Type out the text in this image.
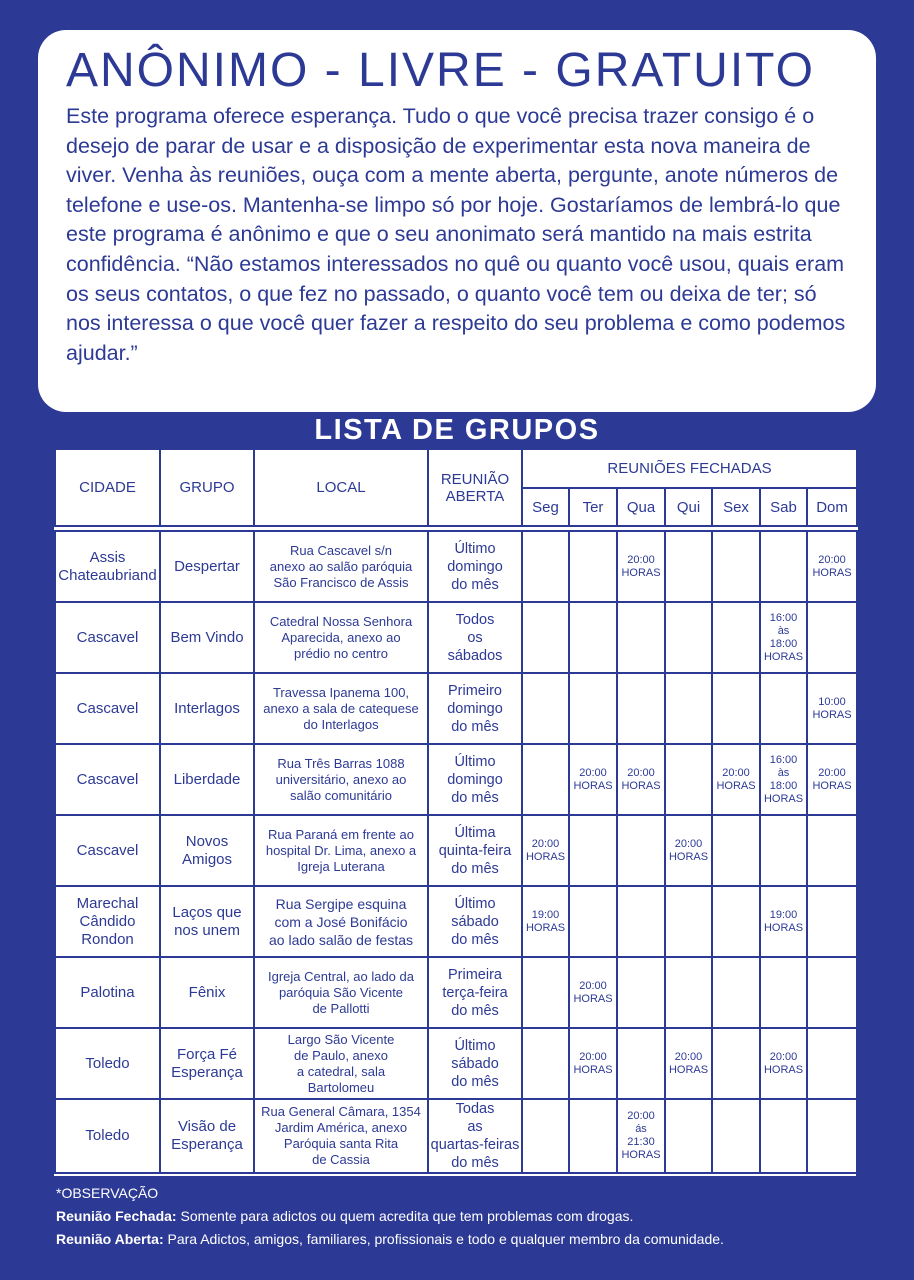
ANÔNIMO - LIVRE - GRATUITO

Este programa oferece esperança. Tudo o que você precisa trazer consigo é o desejo de parar de usar e a disposição de experimentar esta nova maneira de viver. Venha às reuniões, ouça com a mente aberta, pergunte, anote números de telefone e use-os. Mantenha-se limpo só por hoje. Gostaríamos de lembrá-lo que este programa é anônimo e que o seu anonimato será mantido na mais estrita confidência. “Não estamos interessados no quê ou quanto você usou, quais eram os seus contatos, o que fez no passado, o quanto você tem ou deixa de ter; só nos interessa o que você quer fazer a respeito do seu problema e como podemos ajudar.”

LISTA DE GRUPOS
CIDADE	GRUPO	LOCAL	REUNIÃO
ABERTA	REUNIÕES FECHADAS						
				Seg	Ter	Qua	Qui	Sex	Sab	Dom

Assis
Chateaubriand	Despertar	Rua Cascavel s/n
anexo ao salão paróquia
São Francisco de Assis	Último
domingo
do mês			20:00
HORAS				20:00
HORAS
Cascavel	Bem Vindo	Catedral Nossa Senhora
Aparecida, anexo ao
prédio no centro	Todos
os
sábados						16:00
às
18:00
HORAS	
Cascavel	Interlagos	Travessa Ipanema 100,
anexo a sala de catequese
do Interlagos	Primeiro
domingo
do mês							10:00
HORAS
Cascavel	Liberdade	Rua Três Barras 1088
universitário, anexo ao
salão comunitário	Último
domingo
do mês		20:00
HORAS	20:00
HORAS		20:00
HORAS	16:00
às
18:00
HORAS	20:00
HORAS
Cascavel	Novos
Amigos	Rua Paraná em frente ao
hospital Dr. Lima, anexo a
Igreja Luterana	Última
quinta-feira
do mês	20:00
HORAS			20:00
HORAS			
Marechal
Cândido
Rondon	Laços que
nos unem	Rua Sergipe esquina
com a José Bonifácio
ao lado salão de festas	Último
sábado
do mês	19:00
HORAS					19:00
HORAS	
Palotina	Fênix	Igreja Central, ao lado da
paróquia São Vicente
de Pallotti	Primeira
terça-feira
do mês		20:00
HORAS					
Toledo	Força Fé
Esperança	Largo São Vicente
de Paulo, anexo
a catedral, sala
Bartolomeu	Último
sábado
do mês		20:00
HORAS		20:00
HORAS		20:00
HORAS	
Toledo	Visão de
Esperança	Rua General Câmara, 1354
Jardim América, anexo
Paróquia santa Rita
de Cassia	Todas
as
quartas-feiras
do mês			20:00
ás
21:30
HORAS				
*OBSERVAÇÃO
Reunião Fechada: Somente para adictos ou quem acredita que tem problemas com drogas.
Reunião Aberta: Para Adictos, amigos, familiares, profissionais e todo e qualquer membro da comunidade.
